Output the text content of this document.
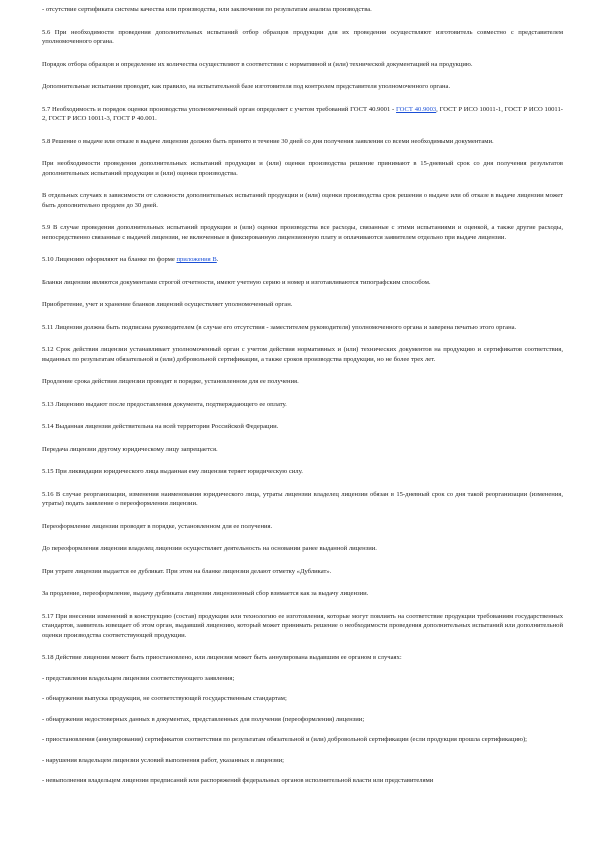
- отсутствие сертификата системы качества или производства, или заключения по результатам анализа производства.
5.6 При необходимости проведения дополнительных испытаний отбор образцов продукции для их проведения осуществляют изготовитель совместно с представителем уполномоченного органа.
Порядок отбора образцов и определение их количества осуществляют в соответствии с нормативной и (или) технической документацией на продукцию.
Дополнительные испытания проводят, как правило, на испытательной базе изготовителя под контролем представителя уполномоченного органа.
5.7 Необходимость и порядок оценки производства уполномоченный орган определяет с учетом требований ГОСТ 40.9001 - ГОСТ 40.9003, ГОСТ Р ИСО 10011-1, ГОСТ Р ИСО 10011-2, ГОСТ Р ИСО 10011-3, ГОСТ Р 40.001.
5.8 Решение о выдаче или отказе в выдаче лицензии должно быть принято в течение 30 дней со дня получения заявления со всеми необходимыми документами.
При необходимости проведения дополнительных испытаний продукции и (или) оценки производства решение принимают в 15-дневный срок со дня получения результатов дополнительных испытаний продукции и (или) оценки производства.
В отдельных случаях в зависимости от сложности дополнительных испытаний продукции и (или) оценки производства срок решения о выдаче или об отказе в выдаче лицензии может быть дополнительно продлен до 30 дней.
5.9 В случае проведения дополнительных испытаний продукции и (или) оценки производства все расходы, связанные с этими испытаниями и оценкой, а также другие расходы, непосредственно связанные с выдачей лицензии, не включенные в фиксированную лицензионную плату и оплачиваются заявителем отдельно при выдаче лицензии.
5.10 Лицензию оформляют на бланке по форме приложения В.
Бланки лицензии являются документами строгой отчетности, имеют учетную серию и номер и изготавливаются типографским способом.
Приобретение, учет и хранение бланков лицензий осуществляет уполномоченный орган.
5.11 Лицензия должна быть подписана руководителем (в случае его отсутствия - заместителем руководителя) уполномоченного органа и заверена печатью этого органа.
5.12 Срок действия лицензии устанавливает уполномоченный орган с учетом действия нормативных и (или) технических документов на продукцию и сертификатов соответствия, выданных по результатам обязательной и (или) добровольной сертификации, а также сроков производства продукции, но не более трех лет.
Продление срока действия лицензии проводят в порядке, установленном для ее получения.
5.13 Лицензию выдают после предоставления документа, подтверждающего ее оплату.
5.14 Выданная лицензия действительна на всей территории Российской Федерации.
Передача лицензии другому юридическому лицу запрещается.
5.15 При ликвидации юридического лица выданная ему лицензия теряет юридическую силу.
5.16 В случае реорганизации, изменения наименования юридического лица, утраты лицензии владелец лицензии обязан в 15-дневный срок со дня такой реорганизации (изменения, утраты) подать заявление о переоформлении лицензии.
Переоформление лицензии проводят в порядке, установленном для ее получения.
До переоформления лицензии владелец лицензии осуществляет деятельность на основании ранее выданной лицензии.
При утрате лицензии выдается ее дубликат. При этом на бланке лицензии делают отметку «Дубликат».
За продление, переоформление, выдачу дубликата лицензии лицензионный сбор взимается как за выдачу лицензии.
5.17 При внесении изменений в конструкцию (состав) продукции или технологию ее изготовления, которые могут повлиять на соответствие продукции требованиям государственных стандартов, заявитель извещает об этом орган, выдавший лицензию, который может принимать решение о необходимости проведения дополнительных испытаний или дополнительной оценки производства соответствующей продукции.
5.18 Действие лицензии может быть приостановлено, или лицензия может быть аннулирована выдавшим ее органом в случаях:
- представления владельцем лицензии соответствующего заявления;
- обнаружения выпуска продукции, не соответствующей государственным стандартам;
- обнаружения недостоверных данных в документах, представленных для получения (переоформления) лицензии;
- приостановления (аннулирования) сертификатов соответствия по результатам обязательной и (или) добровольной сертификации (если продукция прошла сертификацию);
- нарушения владельцем лицензии условий выполнения работ, указанных в лицензии;
- невыполнения владельцем лицензии предписаний или распоряжений федеральных органов исполнительной власти или представителями
